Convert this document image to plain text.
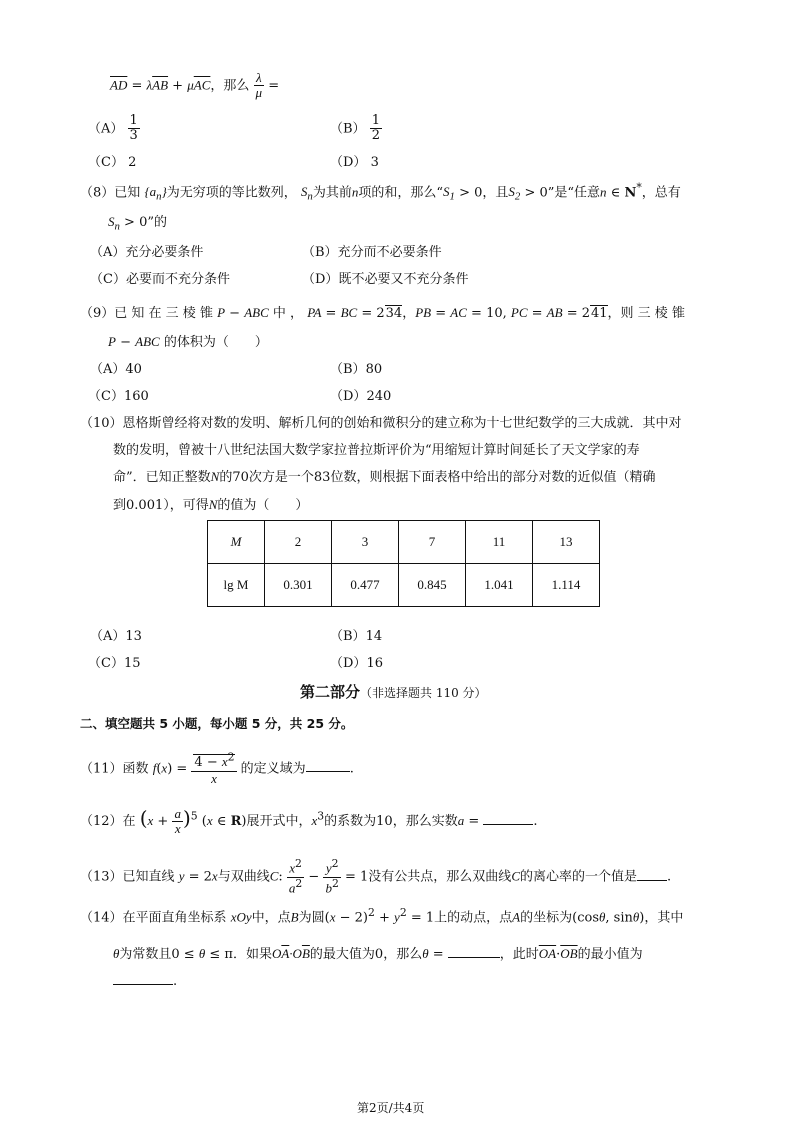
$\overline{AD} = \lambda\overline{AB} + \mu\overline{AC}$，那么 $\frac{\lambda}{\mu}$ =
$(A) \frac{1}{3}$	$(B) \frac{1}{2}$
（C） 2	（D） 3
（8）已知 $\{a_n\}$为无穷项的等比数列， $S_n$为其前n项的和，那么“$S_1 > 0$，且$S_2 > 0$”是“任意n ∈ N*，总有
$S_n > 0$”的
（A）充分必要条件	（B）充分而不必要条件
（C）必要而不充分条件	（D）既不必要又不充分条件
（9）已 知 在 三 棱 锥 P − ABC 中 ， PA = BC = 234，PB = AC = 10, PC = AB = 241，则 三 棱 锥
P − ABC 的体积为（　　）
（A）40	（B）80
（C）160	（D）240
（10）恩格斯曾经将对数的发明、解析几何的创始和微积分的建立称为十七世纪数学的三大成就．其中对
数的发明，曾被十八世纪法国大数学家拉普拉斯评价为“用缩短计算时间延长了天文学家的寿
命”．已知正整数N的70次方是一个83位数，则根据下面表格中给出的部分对数的近似值（精确
到0.001），可得N的值为（　　）
M	2	3	7	11	13
lg M	0.301	0.477	0.845	1.041	1.114
（A）13	（B）14
（C）15	（D）16
第二部分（非选择题共 110 分）
二、填空题共 5 小题，每小题 5 分，共 25 分。
（11）函数 $f(x) = \frac{4 - x^2}{x}$ 的定义域为	.
（12）在 $(x + \frac{a}{x} )^5$ (x ∈ R)展开式中，$x^3$的系数为10，那么实数a =	.
（13）已知直线 y = 2x与双曲线C: $\frac{x^2}{a^2} - \frac{y^2}{b^2} = 1$没有公共点，那么双曲线C的离心率的一个值是 .
（14）在平面直角坐标系 xOy中，点B为圆$(x - 2)^2 + y^2 = 1$上的动点，点A的坐标为(cosθ, sinθ)，其中
θ为常数且0 ≤ θ ≤ π．如果$O\overline{A}\cdot O\overline{B}$的最大值为0，那么θ =	，此时$\overline{OA}\cdot\overline{OB}$的最小值为
.
第2页/共4页
